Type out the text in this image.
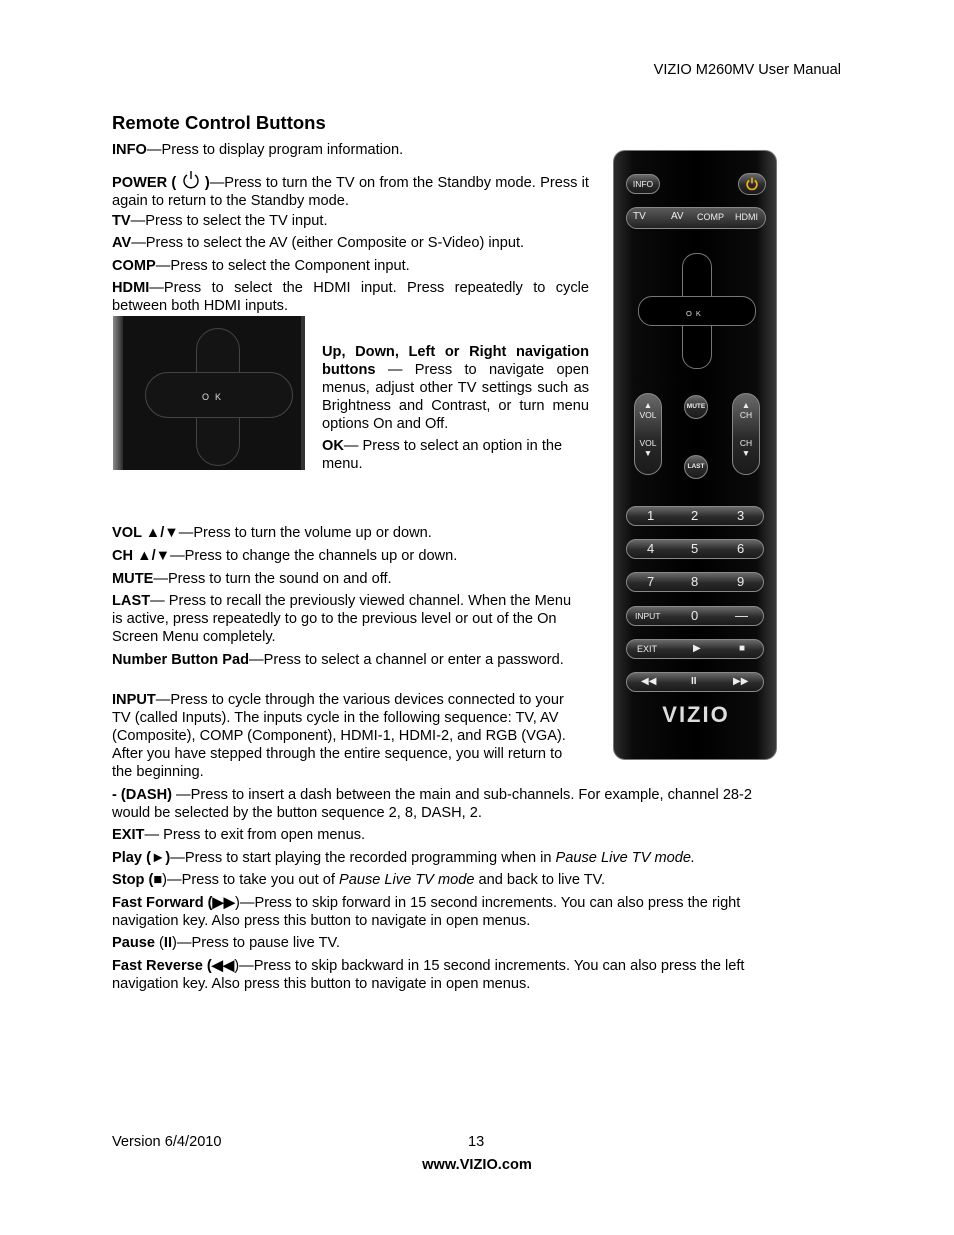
VIZIO M260MV User Manual
Remote Control Buttons
INFO—Press to display program information.
POWER ( )—Press to turn the TV on from the Standby mode. Press it again to return to the Standby mode.
TV—Press to select the TV input.
AV—Press to select the AV (either Composite or S-Video) input.
COMP—Press to select the Component input.
HDMI—Press to select the HDMI input. Press repeatedly to cycle between both HDMI inputs.
OK
Up, Down, Left or Right navigation buttons — Press to navigate open menus, adjust other TV settings such as Brightness and Contrast, or turn menu options On and Off.
OK— Press to select an option in the menu.
VOL ▲/▼—Press to turn the volume up or down.
CH ▲/▼—Press to change the channels up or down.
MUTE—Press to turn the sound on and off.
LAST— Press to recall the previously viewed channel. When the Menu is active, press repeatedly to go to the previous level or out of the On Screen Menu completely.
Number Button Pad—Press to select a channel or enter a password.
INPUT—Press to cycle through the various devices connected to your TV (called Inputs). The inputs cycle in the following sequence: TV, AV (Composite), COMP (Component), HDMI-1, HDMI-2, and RGB (VGA). After you have stepped through the entire sequence, you will return to the beginning.
- (DASH) —Press to insert a dash between the main and sub-channels. For example, channel 28-2 would be selected by the button sequence 2, 8, DASH, 2.
EXIT— Press to exit from open menus.
Play (►)—Press to start playing the recorded programming when in Pause Live TV mode.
Stop (■)—Press to take you out of Pause Live TV mode and back to live TV.
Fast Forward (▶▶)—Press to skip forward in 15 second increments. You can also press the right navigation key. Also press this button to navigate in open menus.
Pause (II)—Press to pause live TV.
Fast Reverse (◀◀)—Press to skip backward in 15 second increments. You can also press the left navigation key. Also press this button to navigate in open menus.
INFO
TV	AV COMP HDMI
OK
▲
VOL
VOL
▼
▲
CH
CH
▼
MUTE
LAST
1	2	3
4	5	6
7	8	9
INPUT 0	—
EXIT	▶	■
◀◀	II	▶▶
VIZIO
Version 6/4/2010	13
www.VIZIO.com
